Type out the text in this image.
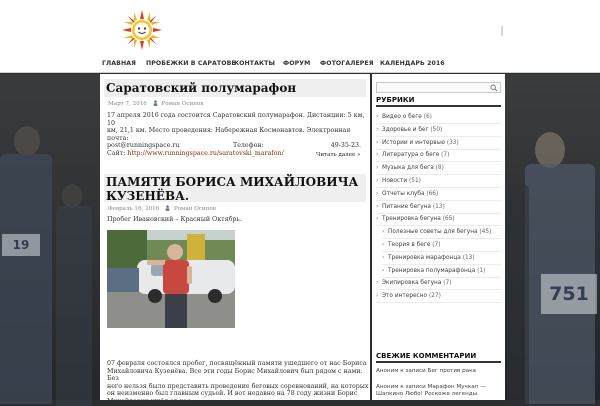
19
751
ГЛАВНАЯ ПРОБЕЖКИ В САРАТОВЕ
КОНТАКТЫ ФОРУМ ФОТОГАЛЕРЕЯ КАЛЕНДАРЬ 2016
Саратовский полумарафон
Март 7, 2016	Роман Осипов
17 апреля 2016 года состоится Саратовский полумарафон. Дистанции: 5 км, 10
км, 21,1 км. Место проведения: Набережная Космонавтов. Электронная почта:
post@runningspace.ru	Телефон:	49-35-23.
Сайт: http://www.runningspace.ru/saratovski_marafon/	Читать далее »
ПАМЯТИ БОРИСА МИХАЙЛОВИЧА
КУЗЕНЁВА.
Февраль 16, 2016	Роман Осипов
Пробег Ивановский – Красный Октябрь.
07 февраля состоялся пробег, посвящённый памяти ушедшего от нас Бориса
Михайловича Кузенёва. Все эти годы Борис Михайлович был рядом с нами. Без
него нельзя было представить проведение беговых соревнований, на которых
он неизменно был главным судьей. И вот недавно на 78 году жизни Борис
Михайлович ушёл от нас.
РУБРИКИ
› Видео о беге (6)
› Здоровье и бег (50)
› Истории и интервью (33)
› Литература о беге (7)
› Музыка для бега (8)
› Новости (51)
› Отчеты клуба (66)
› Питание бегуна (13)
› Тренировка бегуна (65)
› Полезные советы для бегуна (45)
› Теория в беге (7)
› Тренировка марафонца (13)
› Тренировка полумарафонца (1)
› Экипировка бегуна (7)
› Это интересно (27)
СВЕЖИЕ КОММЕНТАРИИ
Аноним к записи Бег против рака
Аноним к записи Марафон Мучкап — Шапкино Любо! Роскоже легенды.
